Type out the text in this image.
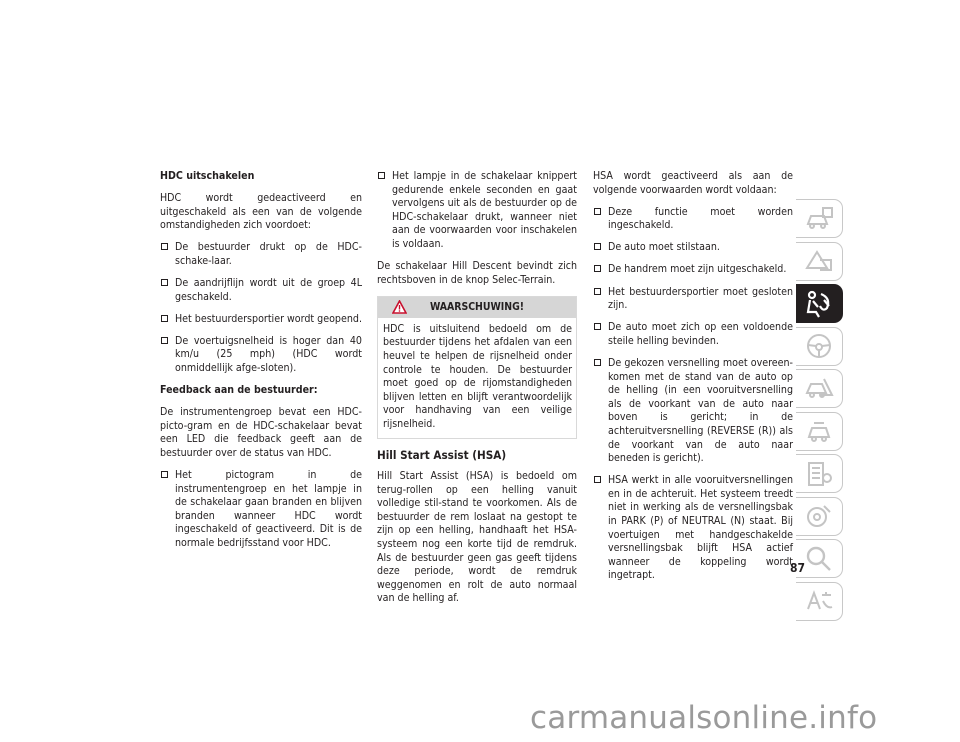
HDC uitschakelen

HDC wordt gedeactiveerd en uitgeschakeld als een van de volgende omstandigheden zich voordoet:

De bestuurder drukt op de HDC-schake-laar.
De aandrijflijn wordt uit de groep 4L geschakeld.
Het bestuurdersportier wordt geopend.
De voertuigsnelheid is hoger dan 40 km/u (25 mph) (HDC wordt onmiddellijk afge-sloten).
Feedback aan de bestuurder:

De instrumentengroep bevat een HDC-picto-gram en de HDC-schakelaar bevat een LED die feedback geeft aan de bestuurder over de status van HDC.

Het pictogram in de instrumentengroep en het lampje in de schakelaar gaan branden en blijven branden wanneer HDC wordt ingeschakeld of geactiveerd. Dit is de normale bedrijfsstand voor HDC.
Het lampje in de schakelaar knippert gedurende enkele seconden en gaat vervolgens uit als de bestuurder op de HDC-schakelaar drukt, wanneer niet aan de voorwaarden voor inschakelen is voldaan.

De schakelaar Hill Descent bevindt zich rechtsboven in de knop Selec-Terrain.

WAARSCHUWING!
HDC is uitsluitend bedoeld om de bestuurder tijdens het afdalen van een heuvel te helpen de rijsnelheid onder controle te houden. De bestuurder moet goed op de rijomstandigheden blijven letten en blijft verantwoordelijk voor handhaving van een veilige rijsnelheid.
Hill Start Assist (HSA)

Hill Start Assist (HSA) is bedoeld om terug-rollen op een helling vanuit volledige stil-stand te voorkomen. Als de bestuurder de rem loslaat na gestopt te zijn op een helling, handhaaft het HSA-systeem nog een korte tijd de remdruk. Als de bestuurder geen gas geeft tijdens deze periode, wordt de remdruk weggenomen en rolt de auto normaal van de helling af.

HSA wordt geactiveerd als aan de volgende voorwaarden wordt voldaan:

Deze functie moet worden ingeschakeld.
De auto moet stilstaan.
De handrem moet zijn uitgeschakeld.
Het bestuurdersportier moet gesloten zijn.
De auto moet zich op een voldoende steile helling bevinden.
De gekozen versnelling moet overeen-komen met de stand van de auto op de helling (in een vooruitversnelling als de voorkant van de auto naar boven is gericht; in de achteruitversnelling (REVERSE (R)) als de voorkant van de auto naar beneden is gericht).
HSA werkt in alle vooruitversnellingen en in de achteruit. Het systeem treedt niet in werking als de versnellingsbak in PARK (P) of NEUTRAL (N) staat. Bij voertuigen met handgeschakelde versnellingsbak blijft HSA actief wanneer de koppeling wordt ingetrapt.
87
carmanualsonline.info
